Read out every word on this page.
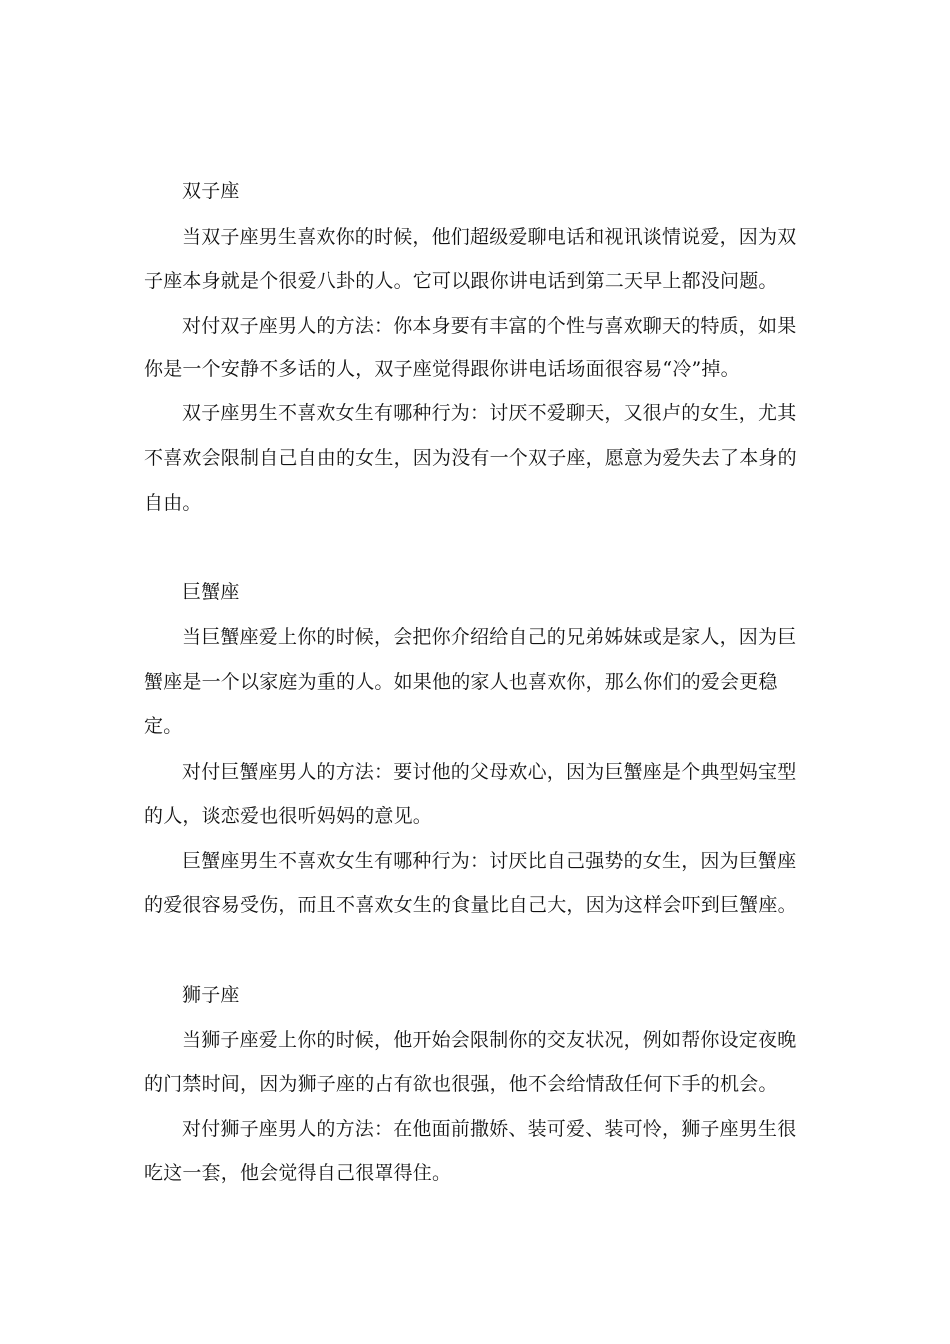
双子座
当双子座男生喜欢你的时候，他们超级爱聊电话和视讯谈情说爱，因为双
子座本身就是个很爱八卦的人。它可以跟你讲电话到第二天早上都没问题。
对付双子座男人的方法：你本身要有丰富的个性与喜欢聊天的特质，如果
你是一个安静不多话的人，双子座觉得跟你讲电话场面很容易“冷”掉。
双子座男生不喜欢女生有哪种行为：讨厌不爱聊天，又很卢的女生，尤其
不喜欢会限制自己自由的女生，因为没有一个双子座，愿意为爱失去了本身的
自由。
巨蟹座
当巨蟹座爱上你的时候，会把你介绍给自己的兄弟姊妹或是家人，因为巨
蟹座是一个以家庭为重的人。如果他的家人也喜欢你，那么你们的爱会更稳
定。
对付巨蟹座男人的方法：要讨他的父母欢心，因为巨蟹座是个典型妈宝型
的人，谈恋爱也很听妈妈的意见。
巨蟹座男生不喜欢女生有哪种行为：讨厌比自己强势的女生，因为巨蟹座
的爱很容易受伤，而且不喜欢女生的食量比自己大，因为这样会吓到巨蟹座。
狮子座
当狮子座爱上你的时候，他开始会限制你的交友状况，例如帮你设定夜晚
的门禁时间，因为狮子座的占有欲也很强，他不会给情敌任何下手的机会。
对付狮子座男人的方法：在他面前撒娇、装可爱、装可怜，狮子座男生很
吃这一套，他会觉得自己很罩得住。
